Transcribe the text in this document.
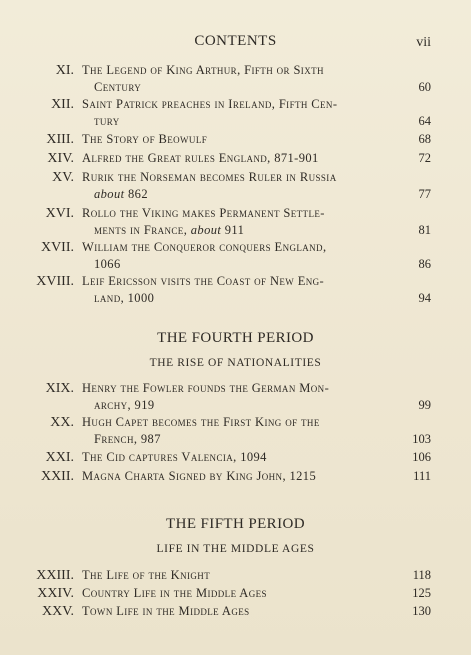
CONTENTS	vii
XI. The Legend of King Arthur, Fifth or Sixth
Century	60
XII. Saint Patrick preaches in Ireland, Fifth Cen-
tury	64
XIII. The Story of Beowulf	68
XIV. Alfred the Great rules England, 871-901	72
XV. Rurik the Norseman becomes Ruler in Russia
about 862	77
XVI. Rollo the Viking makes Permanent Settle-
ments in France, about 911	81
XVII. William the Conqueror conquers England,
1066	86
XVIII. Leif Ericsson visits the Coast of New Eng-
land, 1000	94
THE FOURTH PERIOD
THE RISE OF NATIONALITIES
XIX. Henry the Fowler founds the German Mon-
archy, 919	99
XX. Hugh Capet becomes the First King of the
French, 987	103
XXI. The Cid captures Valencia, 1094	106
XXII. Magna Charta Signed by King John, 1215	111
THE FIFTH PERIOD
LIFE IN THE MIDDLE AGES
XXIII. The Life of the Knight	118
XXIV. Country Life in the Middle Ages	125
XXV. Town Life in the Middle Ages	130
